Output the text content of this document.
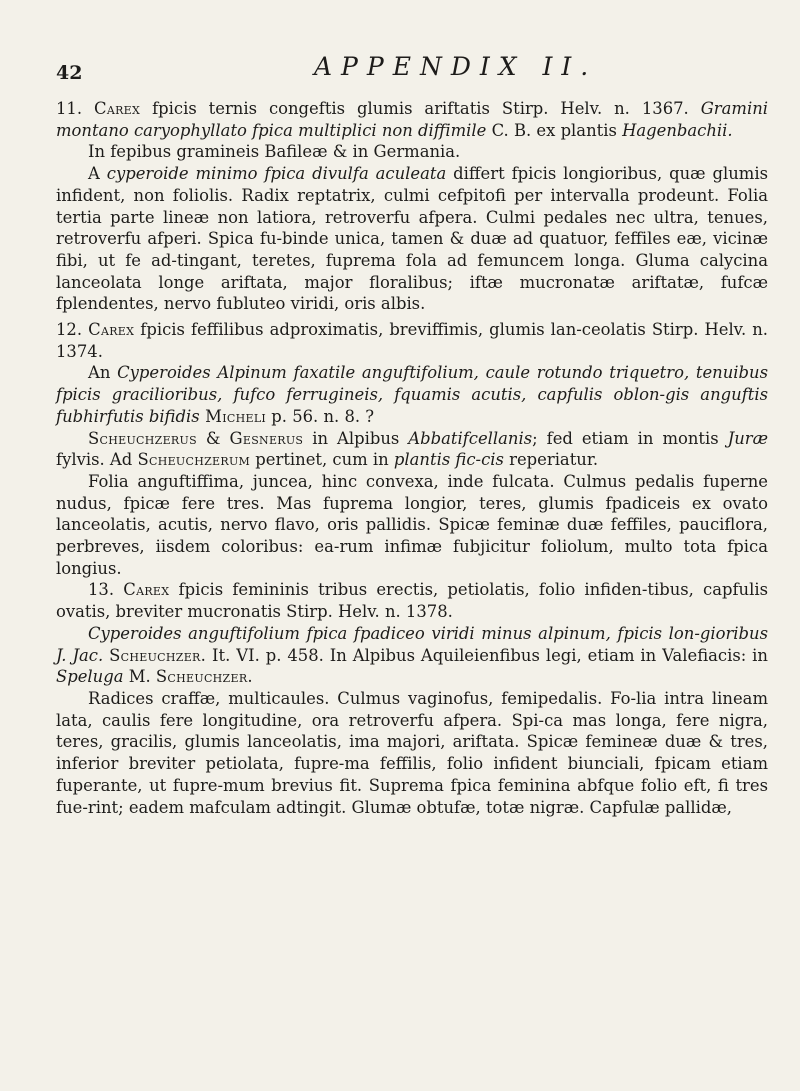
42	APPENDIX II.

11. Carex fpicis ternis congeftis glumis ariftatis Stirp. Helv. n. 1367. Gramini montano caryophyllato fpica multiplici non diffimile C. B. ex plantis Hagenbachii.

In fepibus gramineis Bafileæ & in Germania.

A cyperoide minimo fpica divulfa aculeata differt fpicis longioribus, quæ glumis infident, non foliolis. Radix reptatrix, culmi cefpitofi per intervalla prodeunt. Folia tertia parte lineæ non latiora, retroverfu afpera. Culmi pedales nec ultra, tenues, retroverfu afperi. Spica fu-binde unica, tamen & duæ ad quatuor, feffiles eæ, vicinæ fibi, ut fe ad-tingant, teretes, fuprema fola ad femuncem longa. Gluma calycina lanceolata longe ariftata, major floralibus; iftæ mucronatæ ariftatæ, fufcæ fplendentes, nervo fubluteo viridi, oris albis.

12. Carex fpicis feffilibus adproximatis, breviffimis, glumis lan-ceolatis Stirp. Helv. n. 1374.

An Cyperoides Alpinum faxatile anguftifolium, caule rotundo triquetro, tenuibus fpicis gracilioribus, fufco ferrugineis, fquamis acutis, capfulis oblon-gis anguftis fubhirfutis bifidis Micheli p. 56. n. 8. ?

Scheuchzerus & Gesnerus in Alpibus Abbatifcellanis; fed etiam in montis Juræ fylvis. Ad Scheuchzerum pertinet, cum in plantis fic-cis reperiatur.

Folia anguftiffima, juncea, hinc convexa, inde fulcata. Culmus pedalis fuperne nudus, fpicæ fere tres. Mas fuprema longior, teres, glumis fpadiceis ex ovato lanceolatis, acutis, nervo flavo, oris pallidis. Spicæ feminæ duæ feffiles, pauciflora, perbreves, iisdem coloribus: ea-rum infimæ fubjicitur foliolum, multo tota fpica longius.

13. Carex fpicis femininis tribus erectis, petiolatis, folio infiden-tibus, capfulis ovatis, breviter mucronatis Stirp. Helv. n. 1378.

Cyperoides anguftifolium fpica fpadiceo viridi minus alpinum, fpicis lon-gioribus J. Jac. Scheuchzer. It. VI. p. 458. In Alpibus Aquileienfibus legi, etiam in Valefiacis: in Speluga M. Scheuchzer.

Radices craffæ, multicaules. Culmus vaginofus, femipedalis. Fo-lia intra lineam lata, caulis fere longitudine, ora retroverfu afpera. Spi-ca mas longa, fere nigra, teres, gracilis, glumis lanceolatis, ima majori, ariftata. Spicæ femineæ duæ & tres, inferior breviter petiolata, fupre-ma feffilis, folio infident biunciali, fpicam etiam fuperante, ut fupre-mum brevius fit. Suprema fpica feminina abfque folio eft, fi tres fue-rint; eadem mafculam adtingit. Glumæ obtufæ, totæ nigræ. Capfulæ pallidæ,
